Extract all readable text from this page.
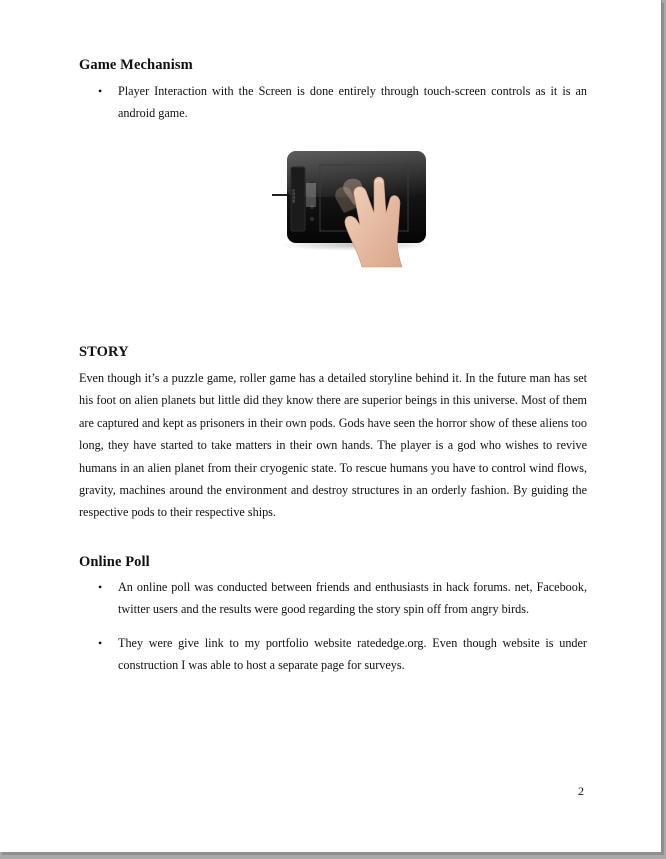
Game Mechanism
• Player Interaction with the Screen is done entirely through touch-screen controls as it is an android game.
wacom
STORY

Even though it’s a puzzle game, roller game has a detailed storyline behind it. In the future man has set his foot on alien planets but little did they know there are superior beings in this universe. Most of them are captured and kept as prisoners in their own pods. Gods have seen the horror show of these aliens too long, they have started to take matters in their own hands. The player is a god who wishes to revive humans in an alien planet from their cryogenic state. To rescue humans you have to control wind flows, gravity, machines around the environment and destroy structures in an orderly fashion. By guiding the respective pods to their respective ships.

Online Poll
• An online poll was conducted between friends and enthusiasts in hack forums. net, Facebook, twitter users and the results were good regarding the story spin off from angry birds.
• They were give link to my portfolio website ratededge.org. Even though website is under construction I was able to host a separate page for surveys.
2
